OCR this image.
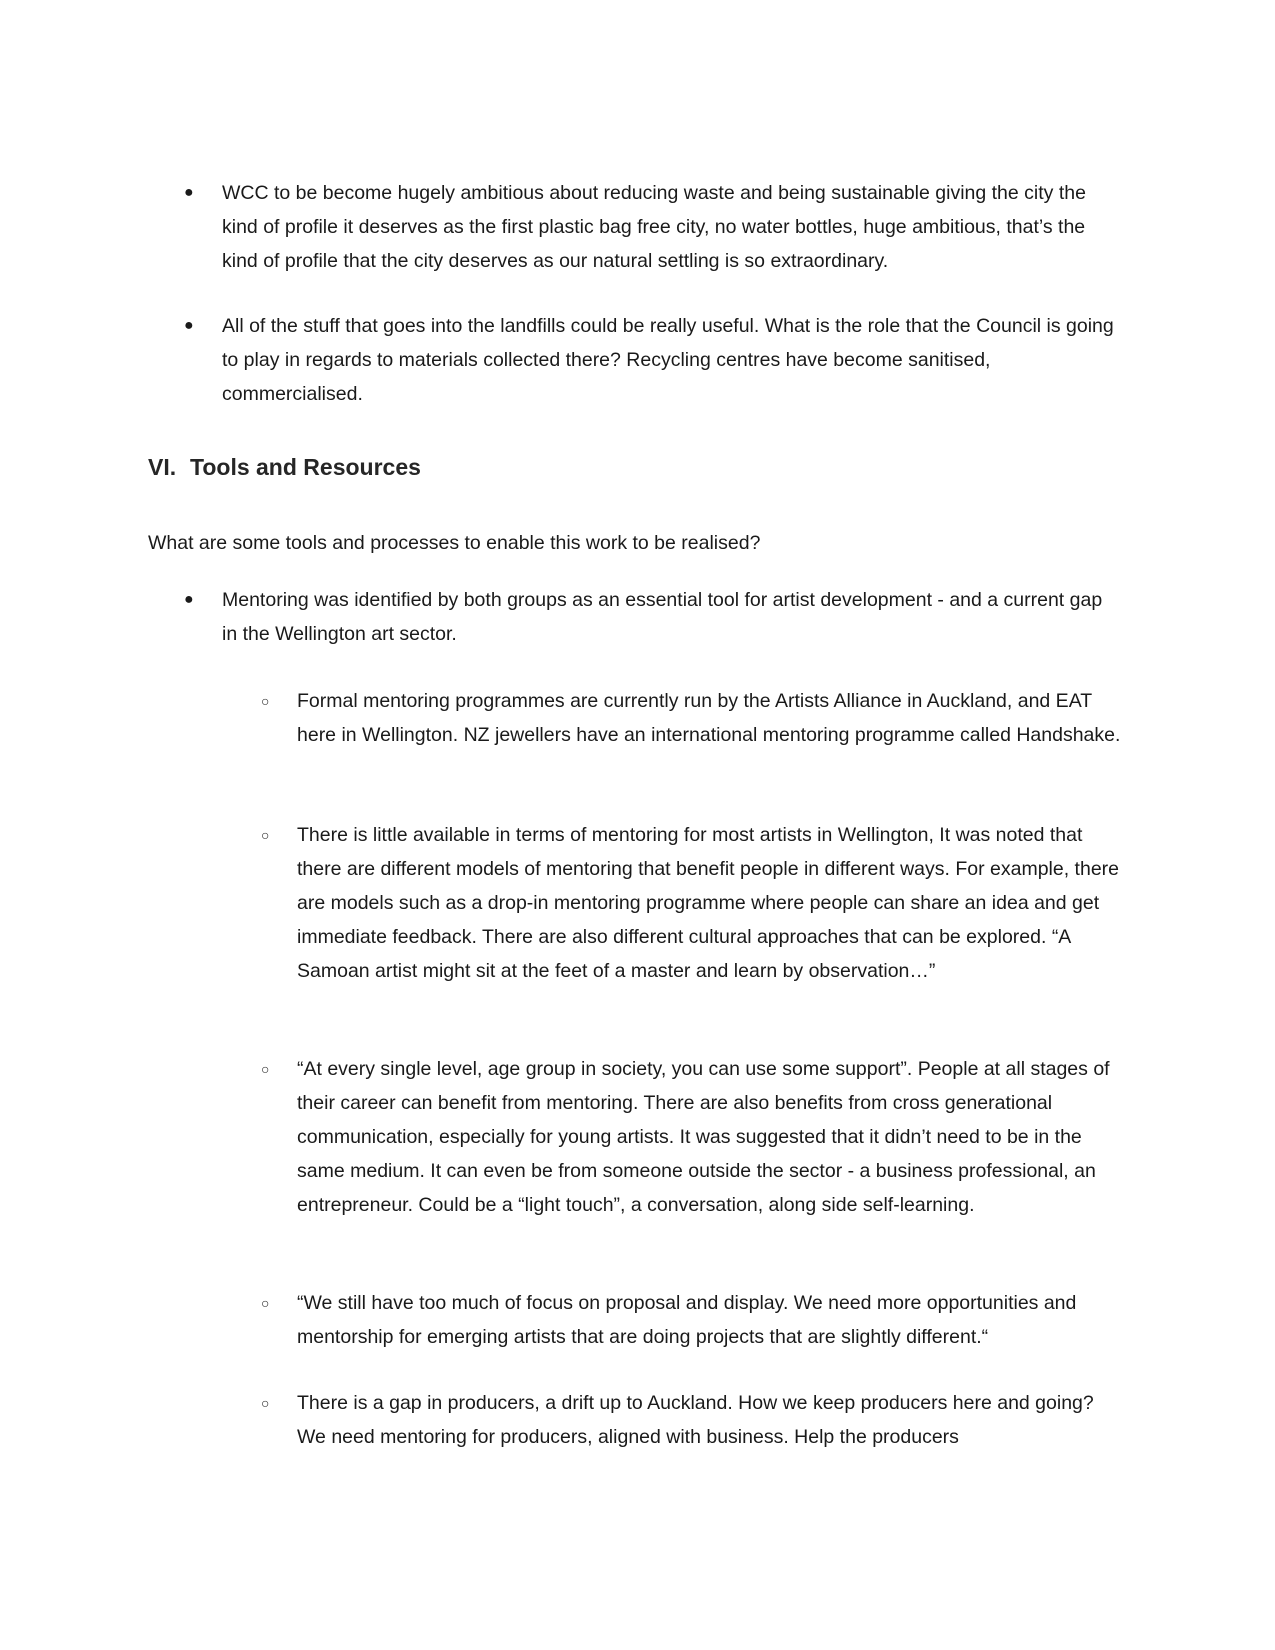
● WCC to be become hugely ambitious about reducing waste and being sustainable giving the city the kind of profile it deserves as the first plastic bag free city, no water bottles, huge ambitious, that’s the kind of profile that the city deserves as our natural settling is so extraordinary.
● All of the stuff that goes into the landfills could be really useful. What is the role that the Council is going to play in regards to materials collected there? Recycling centres have become sanitised, commercialised.
VI. Tools and Resources
What are some tools and processes to enable this work to be realised?
● Mentoring was identified by both groups as an essential tool for artist development - and a current gap in the Wellington art sector.
○ Formal mentoring programmes are currently run by the Artists Alliance in Auckland, and EAT here in Wellington. NZ jewellers have an international mentoring programme called Handshake.
○ There is little available in terms of mentoring for most artists in Wellington, It was noted that there are different models of mentoring that benefit people in different ways. For example, there are models such as a drop-in mentoring programme where people can share an idea and get immediate feedback. There are also different cultural approaches that can be explored. “A Samoan artist might sit at the feet of a master and learn by observation…”
○ “At every single level, age group in society, you can use some support”. People at all stages of their career can benefit from mentoring. There are also benefits from cross generational communication, especially for young artists. It was suggested that it didn’t need to be in the same medium. It can even be from someone outside the sector - a business professional, an entrepreneur. Could be a “light touch”, a conversation, along side self-learning.
○ “We still have too much of focus on proposal and display. We need more opportunities and mentorship for emerging artists that are doing projects that are slightly different.“
○ There is a gap in producers, a drift up to Auckland. How we keep producers here and going? We need mentoring for producers, aligned with business. Help the producers
